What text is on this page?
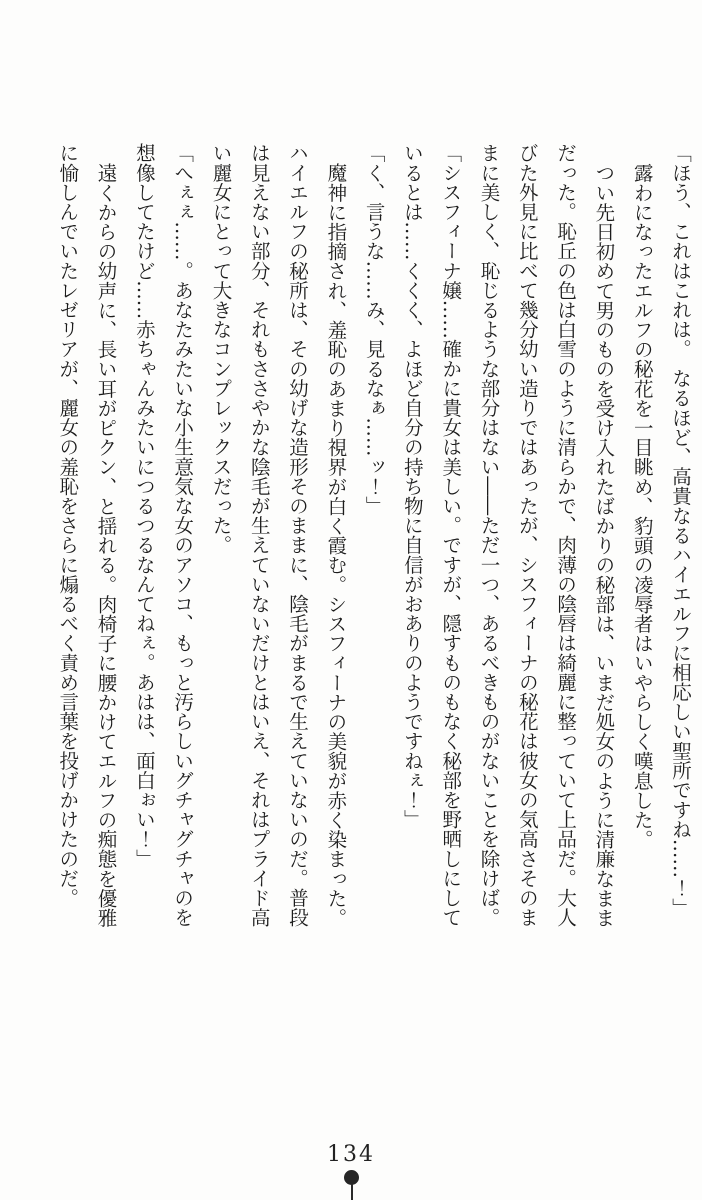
「ほう、これはこれは。　なるほど、高貴なるハイエルフに相応しい聖所ですね……！」

露わになったエルフの秘花を一目眺め、豹頭の凌辱者はいやらしく嘆息した。

つい先日初めて男のものを受け入れたばかりの秘部は、いまだ処女のように清廉なままだった。恥丘の色は白雪のように清らかで、肉薄の陰唇は綺麗に整っていて上品だ。大人びた外見に比べて幾分幼い造りではあったが、シスフィーナの秘花は彼女の気高さそのままに美しく、恥じるような部分はない――ただ一つ、あるべきものがないことを除けば。

「シスフィーナ嬢……確かに貴女は美しい。ですが、隠すものもなく秘部を野晒しにしているとは……くくく、よほど自分の持ち物に自信がおありのようですねぇ！」

「く、言うな……み、見るなぁ……ッ！」

魔神に指摘され、羞恥のあまり視界が白く霞む。シスフィーナの美貌が赤く染まった。ハイエルフの秘所は、その幼げな造形そのままに、陰毛がまるで生えていないのだ。普段は見えない部分、それもささやかな陰毛が生えていないだけとはいえ、それはプライド高い麗女にとって大きなコンプレックスだった。

「へぇぇ……。あなたみたいな小生意気な女のアソコ、もっと汚らしいグチャグチャのを想像してたけど……赤ちゃんみたいにつるつるなんてねぇ。あはは、面白ぉい！」

遠くからの幼声に、長い耳がピクン、と揺れる。肉椅子に腰かけてエルフの痴態を優雅に愉しんでいたレゼリアが、麗女の羞恥をさらに煽るべく責め言葉を投げかけたのだ。

134
